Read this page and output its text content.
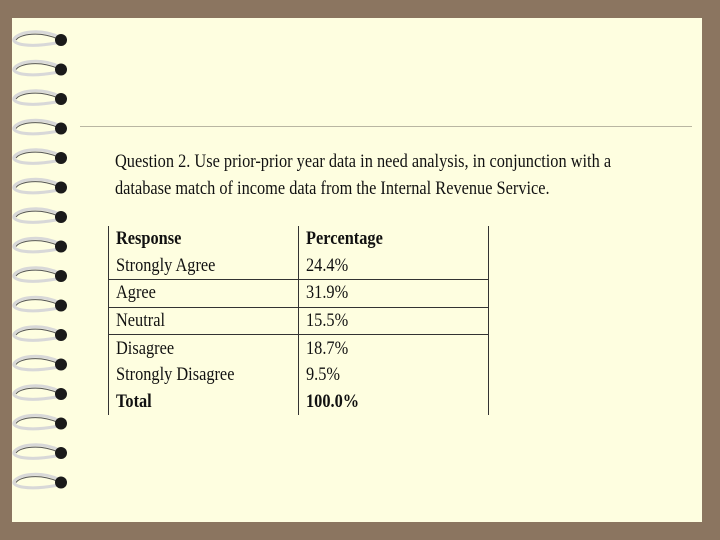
Question 2. Use prior-prior year data in need analysis, in conjunction with a
database match of income data from the Internal Revenue Service.
Response	Percentage
Strongly Agree	24.4%
Agree	31.9%
Neutral	15.5%
Disagree	18.7%
Strongly Disagree	9.5%
Total	100.0%
